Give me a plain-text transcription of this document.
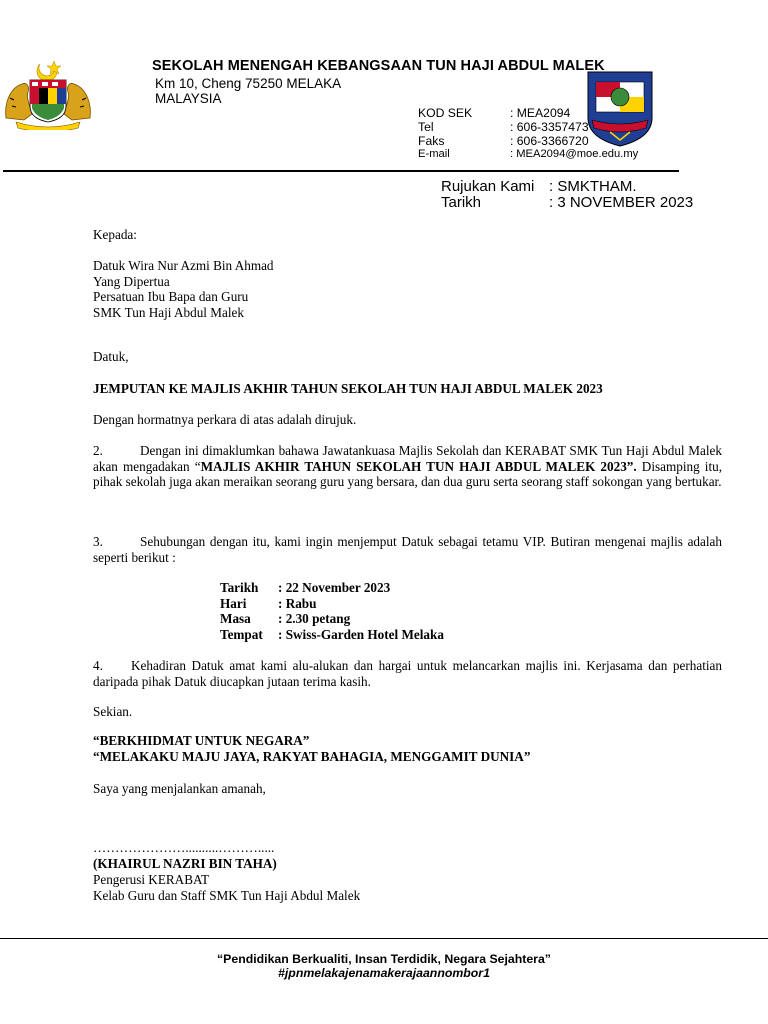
SEKOLAH MENENGAH KEBANGSAAN TUN HAJI ABDUL MALEK
Km 10, Cheng 75250 MELAKA
MALAYSIA
KOD SEK	: MEA2094
Tel	: 606-3357473
Faks	: 606-3366720
E-mail	: MEA2094@moe.edu.my
Rujukan Kami : SMKTHAM.
Tarikh	: 3 NOVEMBER 2023
Kepada:
Datuk Wira Nur Azmi Bin Ahmad
Yang Dipertua
Persatuan Ibu Bapa dan Guru
SMK Tun Haji Abdul Malek
Datuk,
JEMPUTAN KE MAJLIS AKHIR TAHUN SEKOLAH TUN HAJI ABDUL MALEK 2023
Dengan hormatnya perkara di atas adalah dirujuk.
2.	Dengan ini dimaklumkan bahawa Jawatankuasa Majlis Sekolah dan KERABAT SMK Tun Haji Abdul Malek akan mengadakan “MAJLIS AKHIR TAHUN SEKOLAH TUN HAJI ABDUL MALEK 2023”. Disamping itu, pihak sekolah juga akan meraikan seorang guru yang bersara, dan dua guru serta seorang staff sokongan yang bertukar.
3.	Sehubungan dengan itu, kami ingin menjemput Datuk sebagai tetamu VIP. Butiran mengenai majlis adalah seperti berikut :
Tarikh : 22 November 2023
Hari : Rabu
Masa : 2.30 petang
Tempat : Swiss-Garden Hotel Melaka
4. Kehadiran Datuk amat kami alu-alukan dan hargai untuk melancarkan majlis ini. Kerjasama dan perhatian daripada pihak Datuk diucapkan jutaan terima kasih.
Sekian.
“BERKHIDMAT UNTUK NEGARA”
“MELAKAKU MAJU JAYA, RAKYAT BAHAGIA, MENGGAMIT DUNIA”
Saya yang menjalankan amanah,
…………………..........……….....
(KHAIRUL NAZRI BIN TAHA)
Pengerusi KERABAT
Kelab Guru dan Staff SMK Tun Haji Abdul Malek
“Pendidikan Berkualiti, Insan Terdidik, Negara Sejahtera”
#jpnmelakajenamakerajaannombor1
